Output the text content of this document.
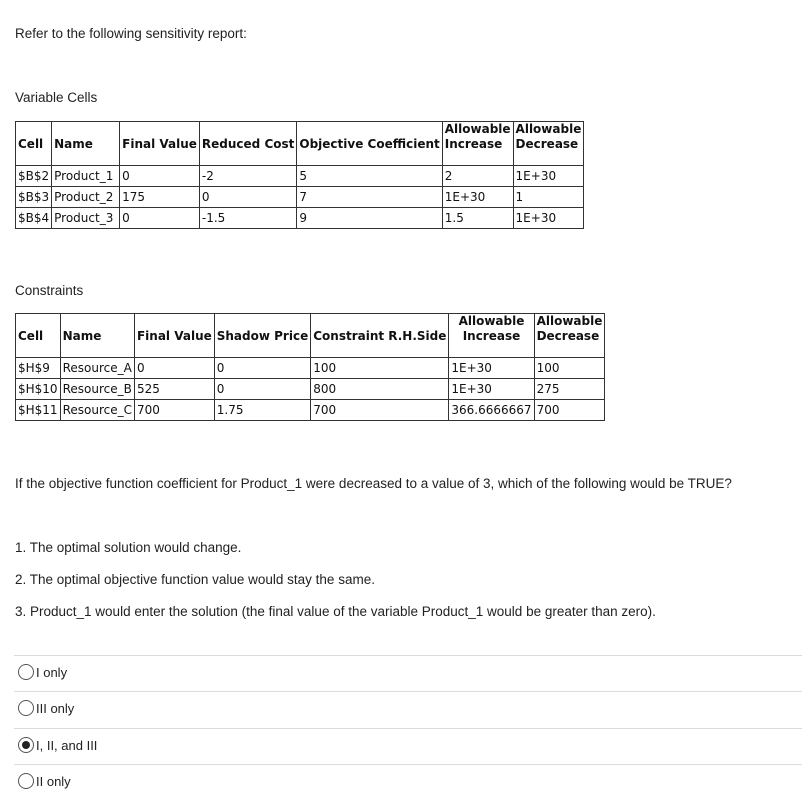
Refer to the following sensitivity report:
Variable Cells
Cell	Name	Final Value	Reduced Cost	Objective Coefficient	Allowable Increase	Allowable Decrease
$B$2	Product_1	0	-2	5	2	1E+30
$B$3	Product_2	175	0	7	1E+30	1
$B$4	Product_3	0	-1.5	9	1.5	1E+30
Constraints
Cell	Name	Final Value	Shadow Price	Constraint R.H.Side	Allowable Increase	Allowable Decrease
$H$9	Resource_A	0	0	100	1E+30	100
$H$10	Resource_B	525	0	800	1E+30	275
$H$11	Resource_C	700	1.75	700	366.6666667	700
If the objective function coefficient for Product_1 were decreased to a value of 3, which of the following would be TRUE?
1. The optimal solution would change.
2. The optimal objective function value would stay the same.
3. Product_1 would enter the solution (the final value of the variable Product_1 would be greater than zero).
I only
III only
I, II, and III
II only
